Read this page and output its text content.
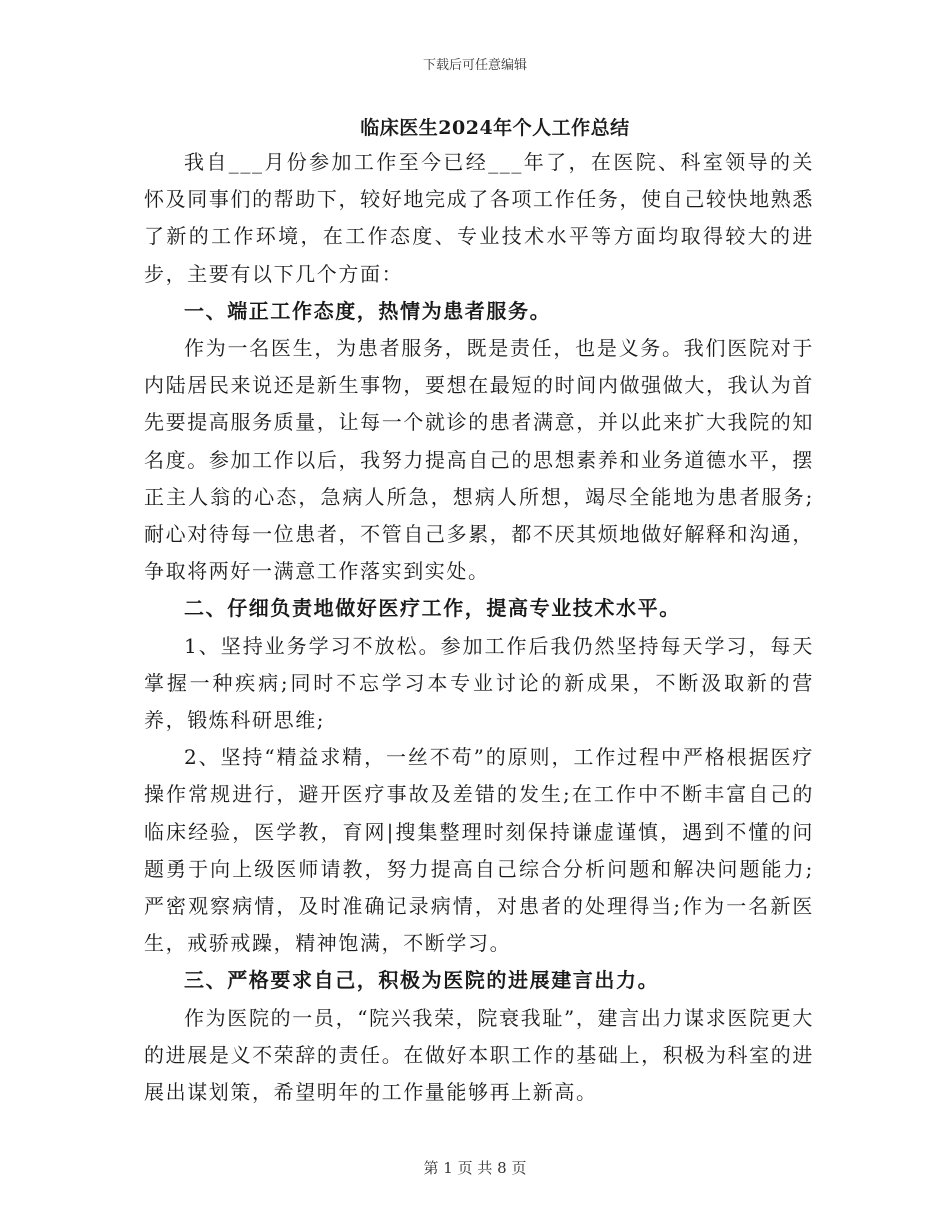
下载后可任意编辑
临床医生2024年个人工作总结

我自___月份参加工作至今已经___年了，在医院、科室领导的关怀及同事们的帮助下，较好地完成了各项工作任务，使自己较快地熟悉了新的工作环境，在工作态度、专业技术水平等方面均取得较大的进步，主要有以下几个方面：

一、端正工作态度，热情为患者服务。

作为一名医生，为患者服务，既是责任，也是义务。我们医院对于内陆居民来说还是新生事物，要想在最短的时间内做强做大，我认为首先要提高服务质量，让每一个就诊的患者满意，并以此来扩大我院的知名度。参加工作以后，我努力提高自己的思想素养和业务道德水平，摆正主人翁的心态，急病人所急，想病人所想，竭尽全能地为患者服务;耐心对待每一位患者，不管自己多累，都不厌其烦地做好解释和沟通，争取将两好一满意工作落实到实处。

二、仔细负责地做好医疗工作，提高专业技术水平。

1、坚持业务学习不放松。参加工作后我仍然坚持每天学习，每天掌握一种疾病;同时不忘学习本专业讨论的新成果，不断汲取新的营养，锻炼科研思维;

2、坚持“精益求精，一丝不苟”的原则，工作过程中严格根据医疗操作常规进行，避开医疗事故及差错的发生;在工作中不断丰富自己的临床经验，医学教，育网|搜集整理时刻保持谦虚谨慎，遇到不懂的问题勇于向上级医师请教，努力提高自己综合分析问题和解决问题能力;严密观察病情，及时准确记录病情，对患者的处理得当;作为一名新医生，戒骄戒躁，精神饱满，不断学习。

三、严格要求自己，积极为医院的进展建言出力。

作为医院的一员，“院兴我荣，院衰我耻”，建言出力谋求医院更大的进展是义不荣辞的责任。在做好本职工作的基础上，积极为科室的进展出谋划策，希望明年的工作量能够再上新高。

第 1 页 共 8 页
